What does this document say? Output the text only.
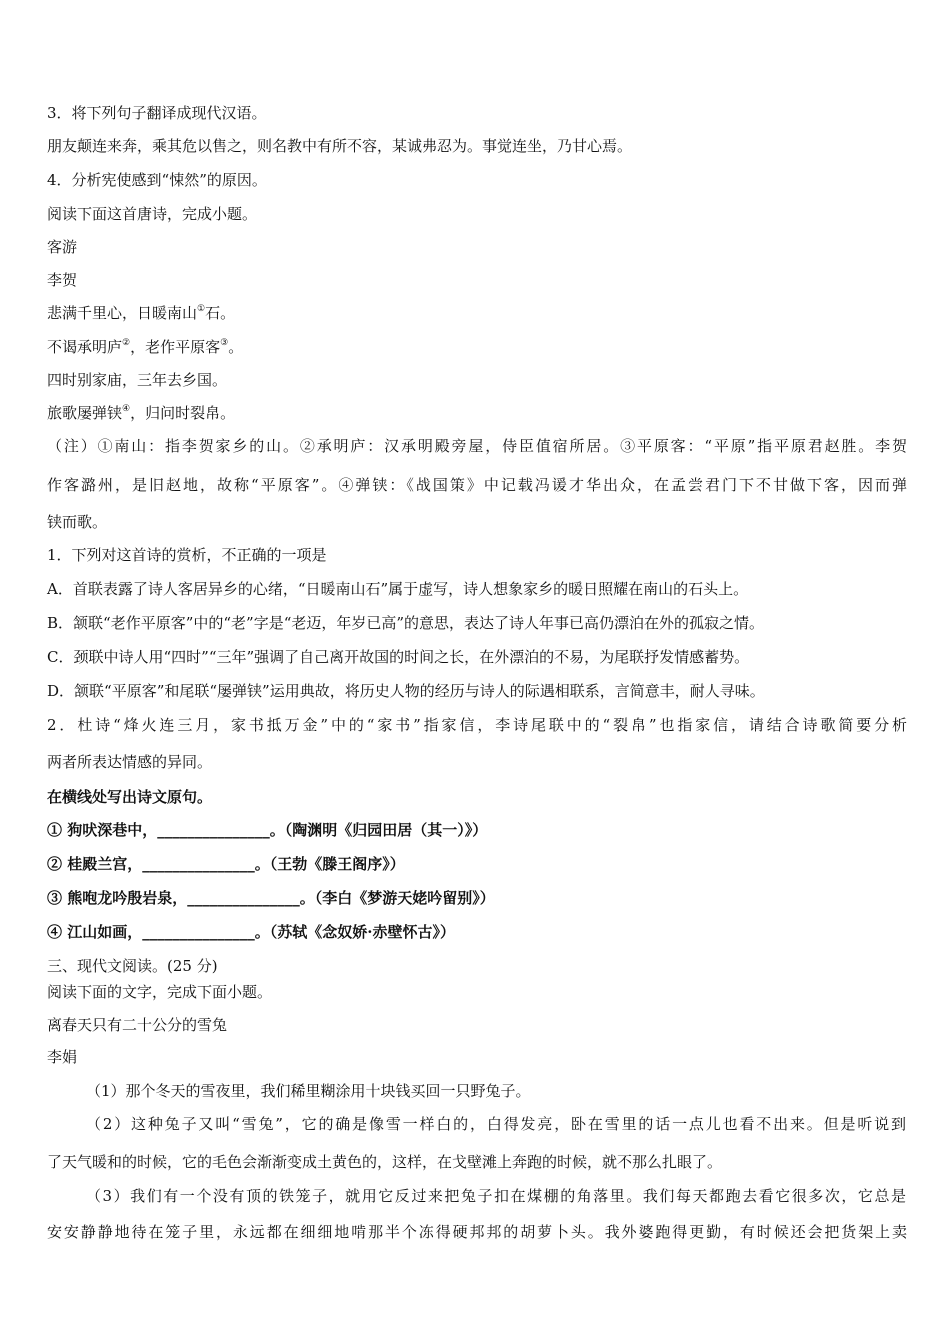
3．将下列句子翻译成现代汉语。
朋友颠连来奔，乘其危以售之，则名教中有所不容，某诚弗忍为。事觉连坐，乃甘心焉。
4．分析宪使感到“悚然”的原因。
阅读下面这首唐诗，完成小题。
客游
李贺
悲满千里心，日暖南山①石。
不谒承明庐②，老作平原客③。
四时别家庙，三年去乡国。
旅歌屡弹铗④，归问时裂帛。
（注）①南山：指李贺家乡的山。②承明庐：汉承明殿旁屋，侍臣值宿所居。③平原客：“平原”指平原君赵胜。李贺
作客潞州，是旧赵地，故称“平原客”。④弹铗：《战国策》中记载冯谖才华出众，在孟尝君门下不甘做下客，因而弹
铗而歌。
1．下列对这首诗的赏析，不正确的一项是
A．首联表露了诗人客居异乡的心绪，“日暖南山石”属于虚写，诗人想象家乡的暖日照耀在南山的石头上。
B．颔联“老作平原客”中的“老”字是“老迈，年岁已高”的意思，表达了诗人年事已高仍漂泊在外的孤寂之情。
C．颈联中诗人用“四时”“三年”强调了自己离开故国的时间之长，在外漂泊的不易，为尾联抒发情感蓄势。
D．颔联“平原客”和尾联“屡弹铗”运用典故，将历史人物的经历与诗人的际遇相联系，言简意丰，耐人寻味。
2．杜诗“烽火连三月，家书抵万金”中的“家书”指家信，李诗尾联中的“裂帛”也指家信，请结合诗歌简要分析
两者所表达情感的异同。
在横线处写出诗文原句。
① 狗吠深巷中，_______________。（陶渊明《归园田居（其一）》）
② 桂殿兰宫，_______________。（王勃《滕王阁序》）
③ 熊咆龙吟殷岩泉，_______________。（李白《梦游天姥吟留别》）
④ 江山如画，_______________。（苏轼《念奴娇·赤壁怀古》）
三、现代文阅读。(25 分)
阅读下面的文字，完成下面小题。
离春天只有二十公分的雪兔
李娟
（1）那个冬天的雪夜里，我们稀里糊涂用十块钱买回一只野兔子。
（2）这种兔子又叫“雪兔”，它的确是像雪一样白的，白得发亮，卧在雪里的话一点儿也看不出来。但是听说到
了天气暖和的时候，它的毛色会渐渐变成土黄色的，这样，在戈壁滩上奔跑的时候，就不那么扎眼了。
（3）我们有一个没有顶的铁笼子，就用它反过来把兔子扣在煤棚的角落里。我们每天都跑去看它很多次，它总是
安安静静地待在笼子里，永远都在细细地啃那半个冻得硬邦邦的胡萝卜头。我外婆跑得更勤，有时候还会把货架上卖
